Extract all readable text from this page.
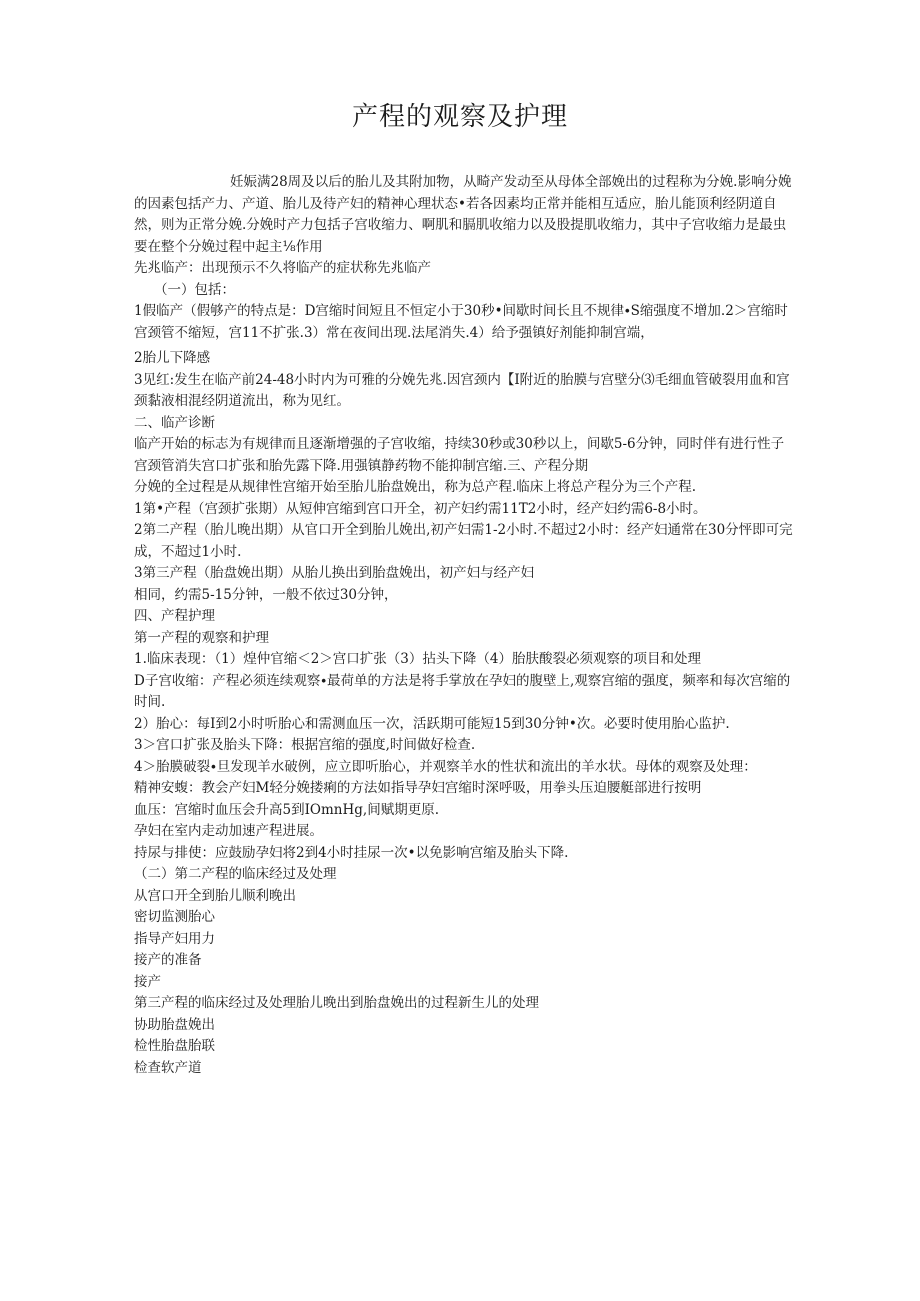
产程的观察及护理

妊娠满28周及以后的胎儿及其附加物，从畸产发动至从母体全部娩出的过程称为分娩.影响分娩的因素包括产力、产道、胎儿及待产妇的精神心理状态•若各因素均正常并能相互适应，胎儿能顶利经阴道自然，则为正常分娩.分娩时产力包括子宫收缩力、啊肌和膈肌收缩力以及股提肌收缩力，其中子宫收缩力是最虫要在整个分娩过程中起主⅛作用

先兆临产：出现预示不久将临产的症状称先兆临产

（一）包括：

1假临产（假够产的特点是：D宫缩时间短且不恒定小于30秒•间歇时间长且不规律∙S缩强度不增加.2＞宫缩时宫颈管不缩短，宫11不扩张.3）常在夜间出现.法尾消失.4）给予强镇好剂能抑制宫端，

2胎儿下降感

3见红:发生在临产前24-48小时内为可雅的分娩先兆.因宫颈内【I附近的胎膜与宫壁分⑶毛细血管破裂用血和宫颈黏液相混经阴道流出，称为见红。

二、临产诊断

临产开始的标志为有规律而且逐渐增强的子宫收缩，持续30秒或30秒以上，间歇5-6分钟，同时伴有进行性子宫颈管消失宫口扩张和胎先露下降.用强镇静药物不能抑制宫缩.三、产程分期

分娩的全过程是从规律性宫缩开始至胎儿胎盘娩出，称为总产程.临床上将总产程分为三个产程.

1第•产程（宫颈扩张期）从短伸宫缩到宫口开全，初产妇约需11T2小时，经产妇约需6-8小时。

2第二产程（胎儿晚出期）从官口开全到胎儿娩出,初产妇需1-2小时.不超过2小时：经产妇通常在30分怦即可完成，不超过1小时.

3第三产程（胎盘娩出期）从胎儿换出到胎盘娩出，初产妇与经产妇

相同，约需5-15分钟，一般不依过30分钟，

四、产程护理

第一产程的观察和护理

1.临床表现：（1）煌仲官缩＜2＞宫口扩张（3）拈头下降（4）胎肤酸裂必须观察的项目和处理

D子宫收缩：产程必须连续观察∙最荷单的方法是将手掌放在孕妇的腹壁上,观察宫缩的强度，频率和每次宫缩的时间.

2）胎心：每I到2小时听胎心和需测血压一次，活跃期可能短15到30分钟•次。必要时使用胎心监护.

3＞宫口扩张及胎头下降：根据宫缩的强度,时间做好检查.

4＞胎膜破裂∙旦发现羊水破例，应立即听胎心，并观察羊水的性状和流出的羊水状。母体的观察及处理：

精神安蝮：教会产妇M轻分娩搂痢的方法如指导孕妇宫缩时深呼吸，用拳头压迫腰艇部进行按明

血压：宫缩时血压会升高5到IOmnHg,间赋期更原.

孕妇在室内走动加速产程进展。

持尿与排使：应鼓励孕妇将2到4小时挂尿一次•以免影响宫缩及胎头下降.

（二）第二产程的临床经过及处理

从宫口开全到胎儿顺利晚出

密切监测胎心

指导产妇用力

接产的准备

接产

第三产程的临床经过及处理胎儿晚出到胎盘娩出的过程新生儿的处理

协助胎盘娩出

检性胎盘胎联

检查软产道
